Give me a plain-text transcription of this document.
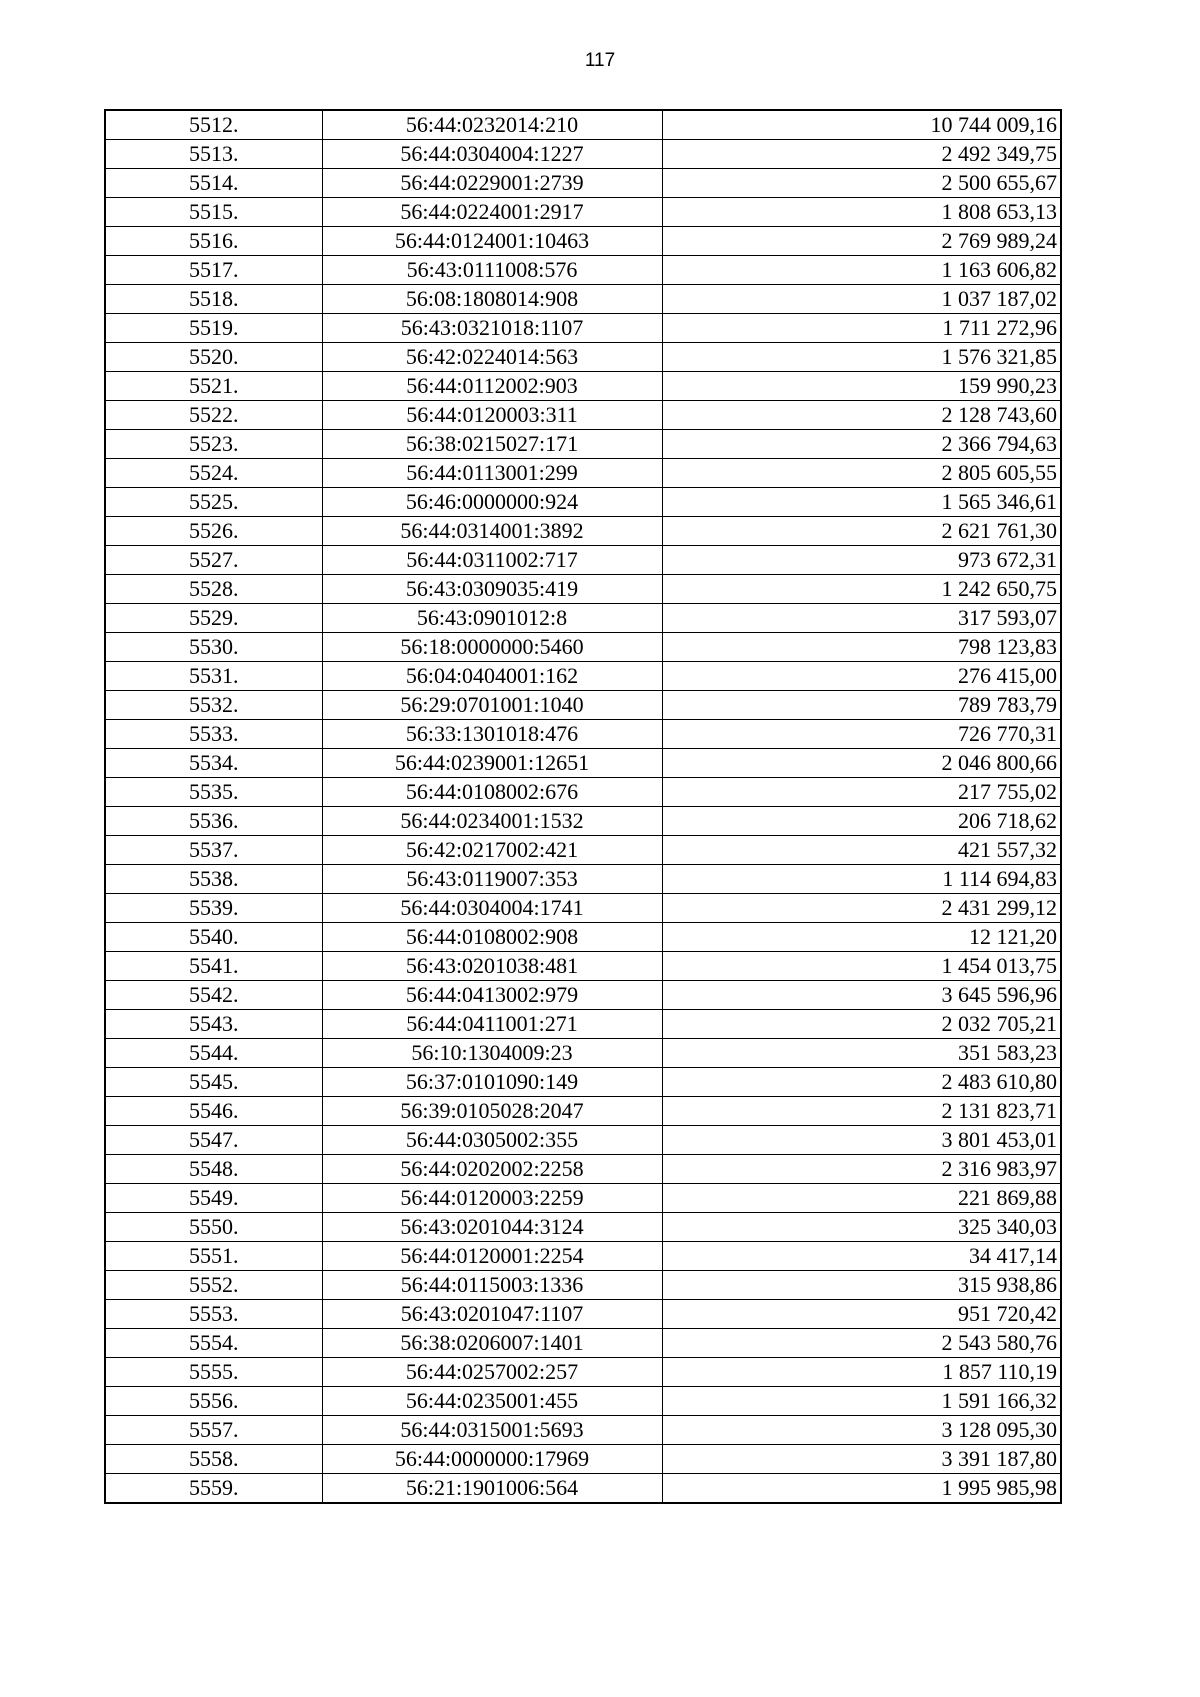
117
5512.	56:44:0232014:210	10 744 009,16
5513.	56:44:0304004:1227	2 492 349,75
5514.	56:44:0229001:2739	2 500 655,67
5515.	56:44:0224001:2917	1 808 653,13
5516.	56:44:0124001:10463	2 769 989,24
5517.	56:43:0111008:576	1 163 606,82
5518.	56:08:1808014:908	1 037 187,02
5519.	56:43:0321018:1107	1 711 272,96
5520.	56:42:0224014:563	1 576 321,85
5521.	56:44:0112002:903	159 990,23
5522.	56:44:0120003:311	2 128 743,60
5523.	56:38:0215027:171	2 366 794,63
5524.	56:44:0113001:299	2 805 605,55
5525.	56:46:0000000:924	1 565 346,61
5526.	56:44:0314001:3892	2 621 761,30
5527.	56:44:0311002:717	973 672,31
5528.	56:43:0309035:419	1 242 650,75
5529.	56:43:0901012:8	317 593,07
5530.	56:18:0000000:5460	798 123,83
5531.	56:04:0404001:162	276 415,00
5532.	56:29:0701001:1040	789 783,79
5533.	56:33:1301018:476	726 770,31
5534.	56:44:0239001:12651	2 046 800,66
5535.	56:44:0108002:676	217 755,02
5536.	56:44:0234001:1532	206 718,62
5537.	56:42:0217002:421	421 557,32
5538.	56:43:0119007:353	1 114 694,83
5539.	56:44:0304004:1741	2 431 299,12
5540.	56:44:0108002:908	12 121,20
5541.	56:43:0201038:481	1 454 013,75
5542.	56:44:0413002:979	3 645 596,96
5543.	56:44:0411001:271	2 032 705,21
5544.	56:10:1304009:23	351 583,23
5545.	56:37:0101090:149	2 483 610,80
5546.	56:39:0105028:2047	2 131 823,71
5547.	56:44:0305002:355	3 801 453,01
5548.	56:44:0202002:2258	2 316 983,97
5549.	56:44:0120003:2259	221 869,88
5550.	56:43:0201044:3124	325 340,03
5551.	56:44:0120001:2254	34 417,14
5552.	56:44:0115003:1336	315 938,86
5553.	56:43:0201047:1107	951 720,42
5554.	56:38:0206007:1401	2 543 580,76
5555.	56:44:0257002:257	1 857 110,19
5556.	56:44:0235001:455	1 591 166,32
5557.	56:44:0315001:5693	3 128 095,30
5558.	56:44:0000000:17969	3 391 187,80
5559.	56:21:1901006:564	1 995 985,98
